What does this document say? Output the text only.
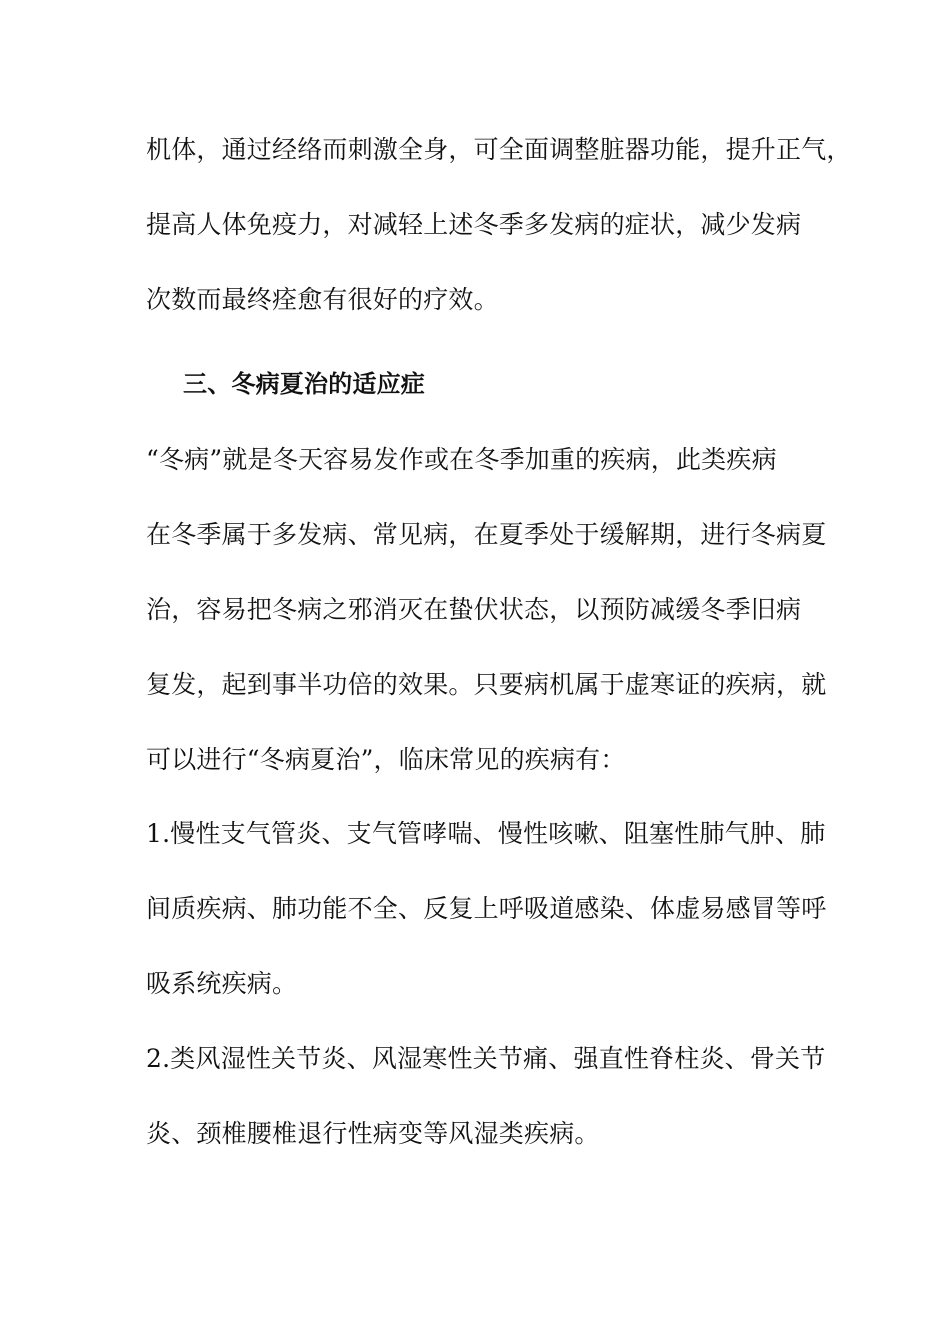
机体，通过经络而刺激全身，可全面调整脏器功能，提升正气，
提高人体免疫力，对减轻上述冬季多发病的症状，减少发病
次数而最终痊愈有很好的疗效。
三、冬病夏治的适应症
“冬病”就是冬天容易发作或在冬季加重的疾病，此类疾病
在冬季属于多发病、常见病，在夏季处于缓解期，进行冬病夏
治，容易把冬病之邪消灭在蛰伏状态，以预防减缓冬季旧病
复发，起到事半功倍的效果。只要病机属于虚寒证的疾病，就
可以进行“冬病夏治”，临床常见的疾病有：
1.慢性支气管炎、支气管哮喘、慢性咳嗽、阻塞性肺气肿、肺
间质疾病、肺功能不全、反复上呼吸道感染、体虚易感冒等呼
吸系统疾病。
2.类风湿性关节炎、风湿寒性关节痛、强直性脊柱炎、骨关节
炎、颈椎腰椎退行性病变等风湿类疾病。
